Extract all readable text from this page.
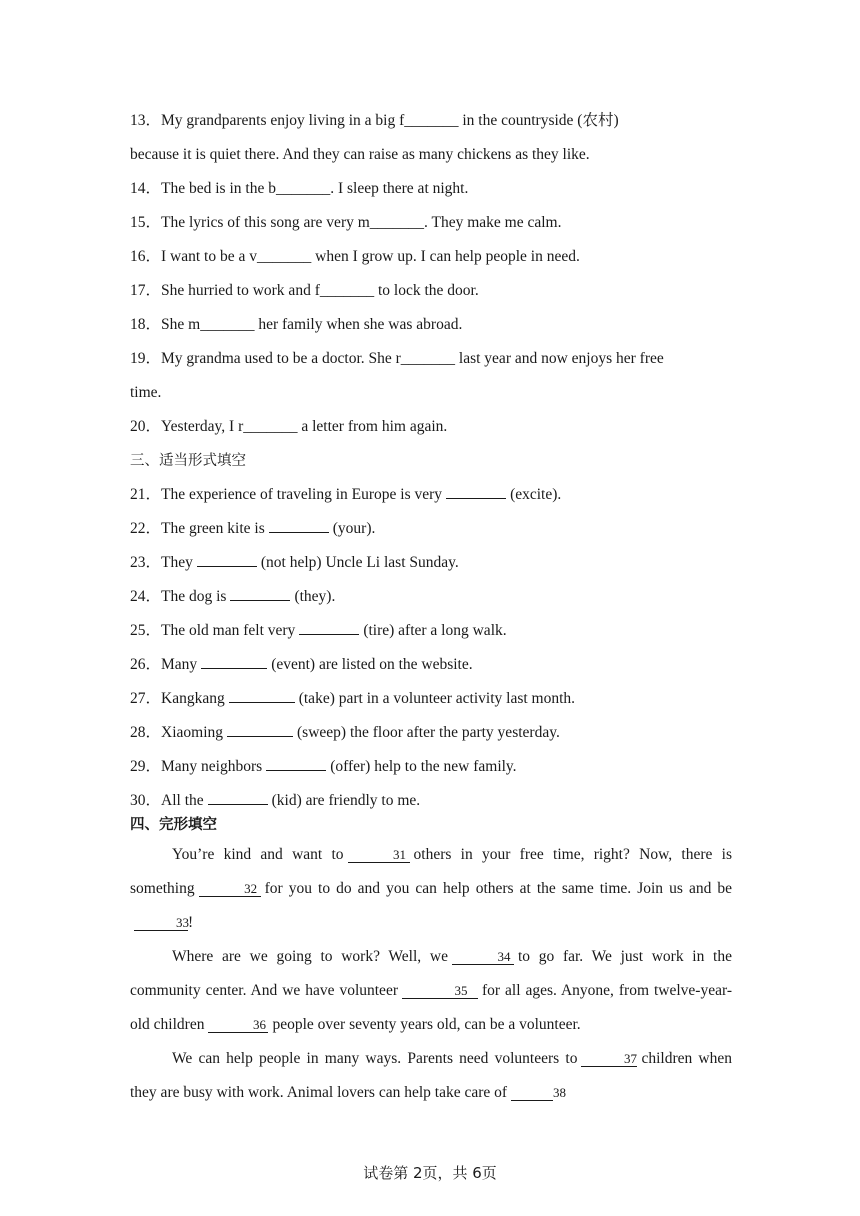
13．My grandparents enjoy living in a big f_______ in the countryside (农村)
because it is quiet there. And they can raise as many chickens as they like.
14．The bed is in the b_______. I sleep there at night.
15．The lyrics of this song are very m_______. They make me calm.
16．I want to be a v_______ when I grow up. I can help people in need.
17．She hurried to work and f_______ to lock the door.
18．She m_______ her family when she was abroad.
19．My grandma used to be a doctor. She r_______ last year and now enjoys her free
time.
20．Yesterday, I r_______ a letter from him again.
三、适当形式填空
21．The experience of traveling in Europe is very	(excite).
22．The green kite is	(your).
23．They	(not help) Uncle Li last Sunday.
24．The dog is	(they).
25．The old man felt very	(tire) after a long walk.
26．Many	(event) are listed on the website.
27．Kangkang	(take) part in a volunteer activity last month.
28．Xiaoming	(sweep) the floor after the party yesterday.
29．Many neighbors	(offer) help to the new family.
30．All the	(kid) are friendly to me.
四、完形填空

You’re kind and want to	31 others in your free time, right? Now, there is something	32 for you to do and you can help others at the same time. Join us and be33!

Where are we going to work? Well, we	34 to go far. We just work in the community center. And we have volunteer	35 for all ages. Anyone, from twelve-year-old children	36 people over seventy years old, can be a volunteer.

We can help people in many ways. Parents need volunteers to	37 children when they are busy with work. Animal lovers can help take care of	38

试卷第 2页，共 6页
